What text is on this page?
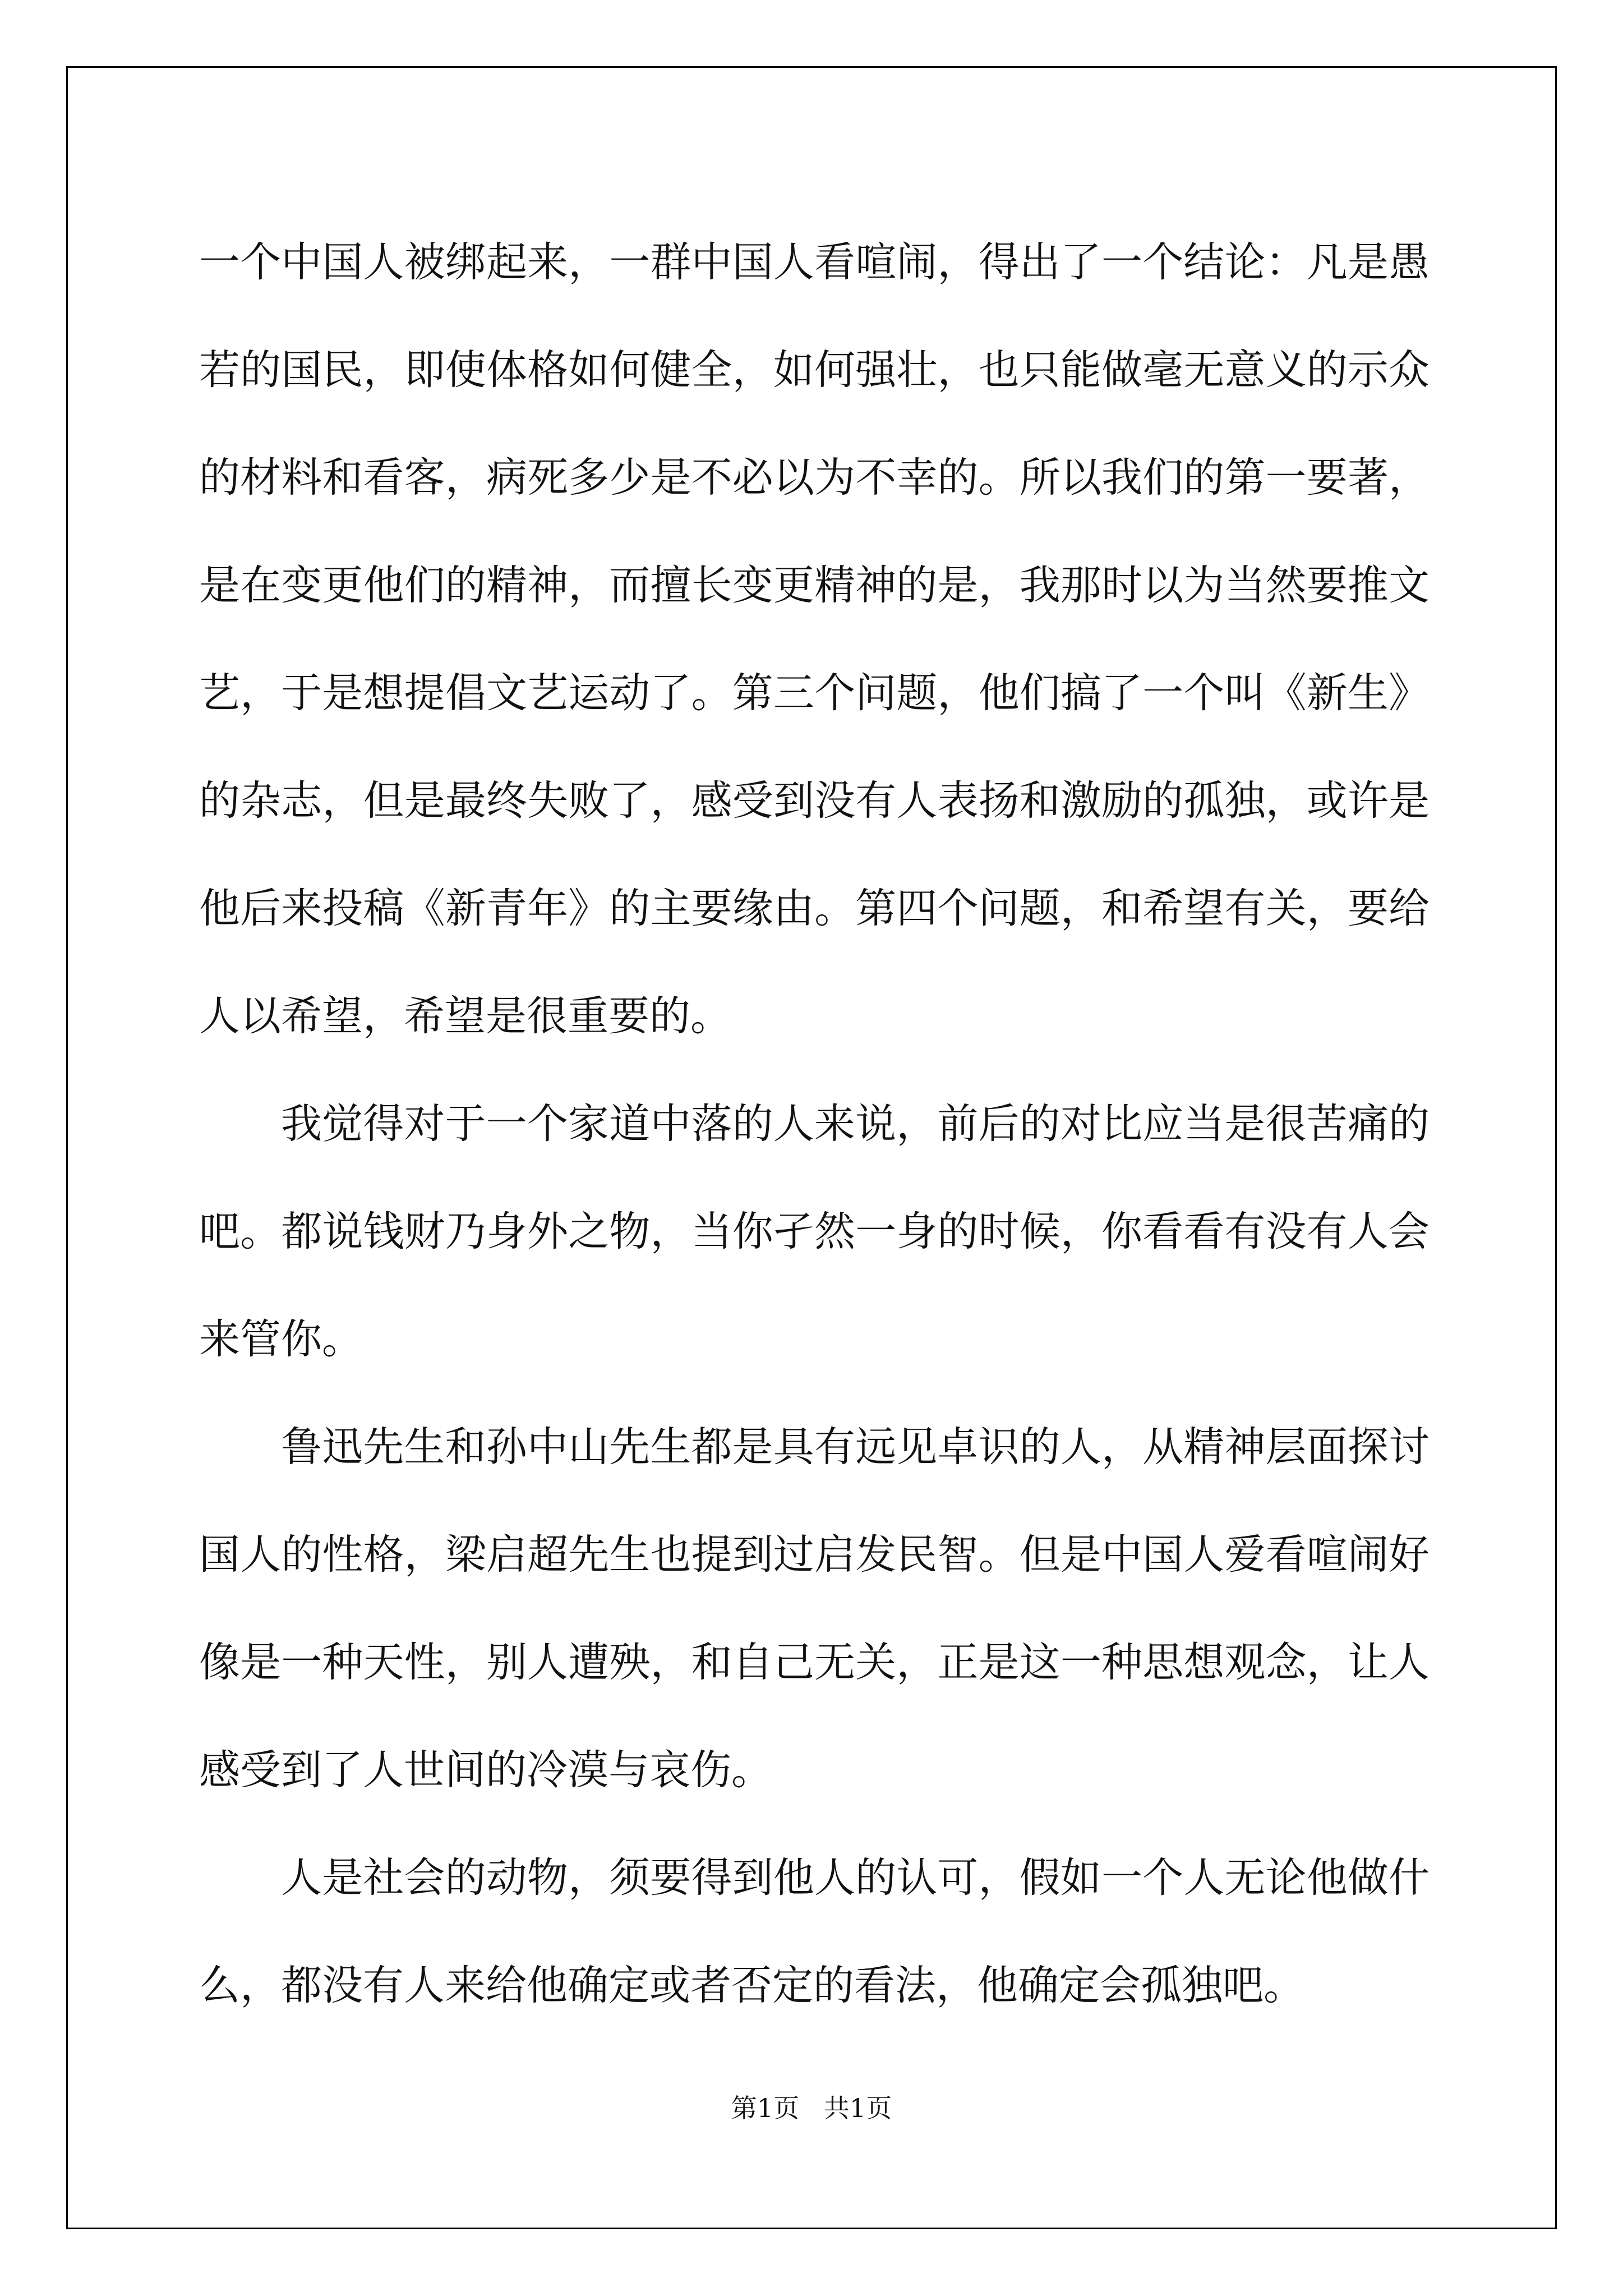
一个中国人被绑起来，一群中国人看喧闹，得出了一个结论：凡是愚若的国民，即使体格如何健全，如何强壮，也只能做毫无意义的示众的材料和看客，病死多少是不必以为不幸的。所以我们的第一要著，是在变更他们的精神，而擅长变更精神的是，我那时以为当然要推文艺，于是想提倡文艺运动了。第三个问题，他们搞了一个叫《新生》的杂志，但是最终失败了，感受到没有人表扬和激励的孤独，或许是他后来投稿《新青年》的主要缘由。第四个问题，和希望有关，要给人以希望，希望是很重要的。

我觉得对于一个家道中落的人来说，前后的对比应当是很苦痛的吧。都说钱财乃身外之物，当你孑然一身的时候，你看看有没有人会来管你。

鲁迅先生和孙中山先生都是具有远见卓识的人，从精神层面探讨国人的性格，梁启超先生也提到过启发民智。但是中国人爱看喧闹好像是一种天性，别人遭殃，和自己无关，正是这一种思想观念，让人感受到了人世间的冷漠与哀伤。

人是社会的动物，须要得到他人的认可，假如一个人无论他做什么，都没有人来给他确定或者否定的看法，他确定会孤独吧。

第1页   共1页
